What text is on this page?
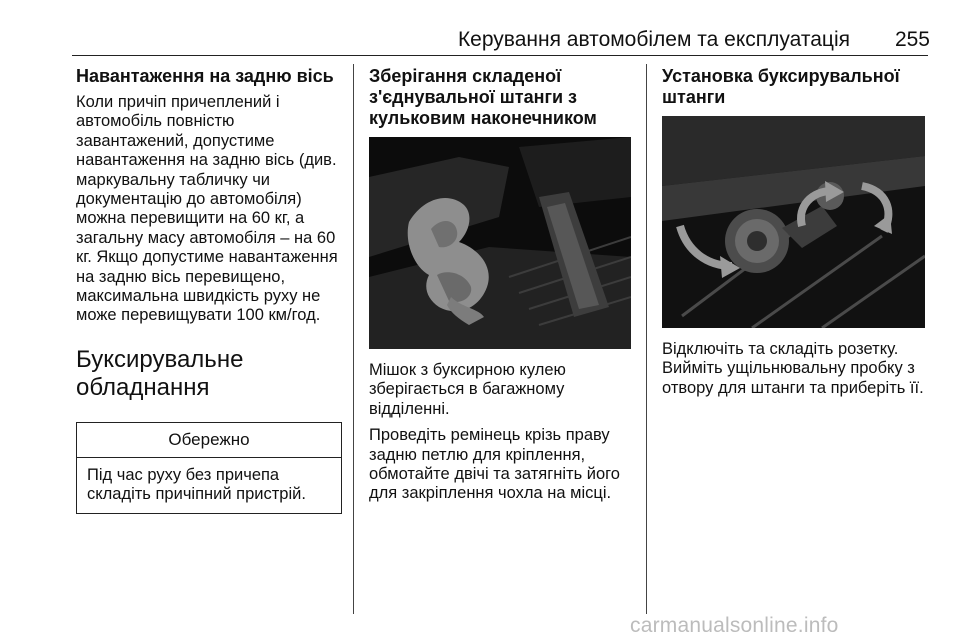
Керування автомобілем та експлуатація	255

Навантаження на задню вісь

Коли причіп причеплений і автомобіль повністю завантажений, допустиме навантаження на задню вісь (див. маркувальну табличку чи документацію до автомобіля) можна перевищити на 60 кг, а загальну масу автомобіля – на 60 кг. Якщо допустиме навантаження на задню вісь перевищено, максимальна швидкість руху не може перевищувати 100 км/год.

Буксирувальне обладнання

Обережно
Під час руху без причепа складіть причіпний пристрій.

Зберігання складеної з'єднувальної штанги з кульковим наконечником

Мішок з буксирною кулею зберігається в багажному відділенні.

Проведіть ремінець крізь праву задню петлю для кріплення, обмотайте двічі та затягніть його для закріплення чохла на місці.

Установка буксирувальної штанги

Відключіть та складіть розетку. Вийміть ущільнювальну пробку з отвору для штанги та приберіть її.

carmanualsonline.info
